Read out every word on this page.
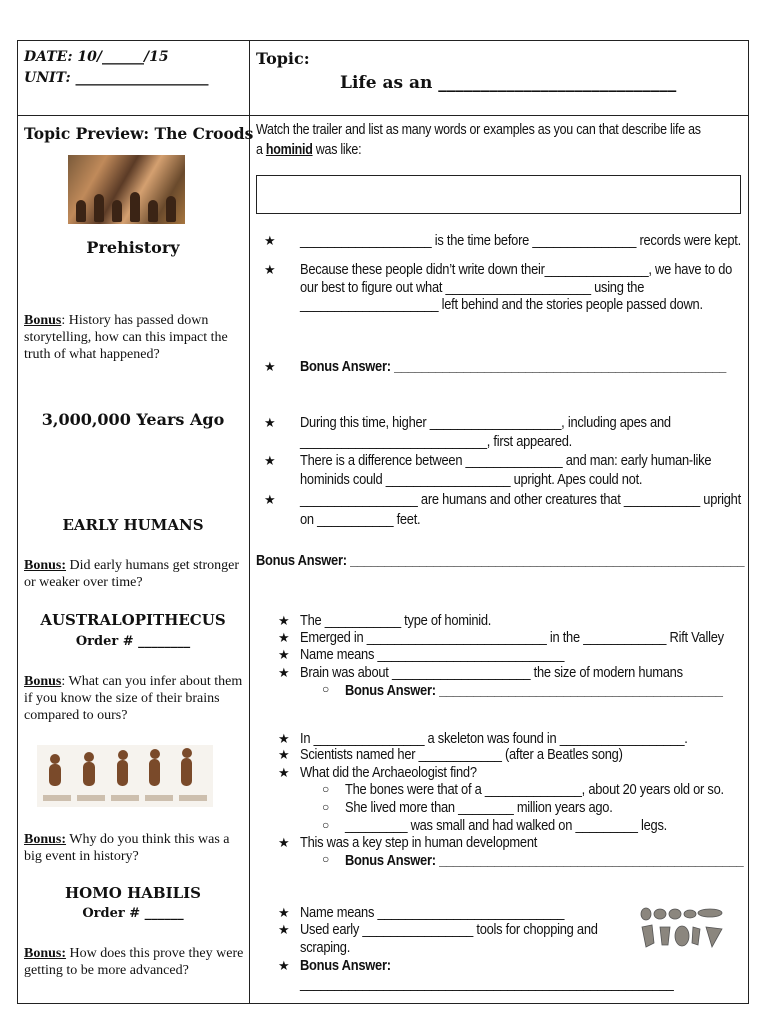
DATE: 10/______/15
UNIT: ___________________
Topic:
Life as an ____________________________
Topic Preview: The Croods
Prehistory
Bonus: History has passed down storytelling, how can this impact the truth of what happened?
3,000,000 Years Ago
EARLY HUMANS
Bonus: Did early humans get stronger or weaker over time?
AUSTRALOPITHECUS
Order # ________
Bonus: What can you infer about them if you know the size of their brains compared to ours?
Bonus: Why do you think this was a big event in history?
HOMO HABILIS
Order # ______
Bonus: How does this prove they were getting to be more advanced?
Watch the trailer and list as many words or examples as you can that describe life as
a hominid was like:
★ ___________________ is the time before _______________ records were kept.
★ Because these people didn’t write down their_______________, we have to do
our best to figure out what _____________________ using the
____________________ left behind and the stories people passed down.
★ Bonus Answer: ________________________________________________
★ During this time, higher ___________________, including apes and
___________________________, first appeared.
★ There is a difference between ______________ and man: early human-like
hominids could __________________ upright. Apes could not.
★ _________________ are humans and other creatures that ___________ upright
on ___________ feet.
Bonus Answer: _________________________________________________________
★ The ___________ type of hominid.
★ Emerged in __________________________ in the ____________ Rift Valley
★ Name means ___________________________
★ Brain was about ____________________ the size of modern humans
○ Bonus Answer: _________________________________________
★ In ________________ a skeleton was found in __________________.
★ Scientists named her ____________ (after a Beatles song)
★ What did the Archaeologist find?
○ The bones were that of a ______________, about 20 years old or so.
○ She lived more than ________ million years ago.
○ _________ was small and had walked on _________ legs.
★ This was a key step in human development
○ Bonus Answer: ____________________________________________
★ Name means ___________________________
★ Used early ________________ tools for chopping and
scraping.
★ Bonus Answer:
______________________________________________________
